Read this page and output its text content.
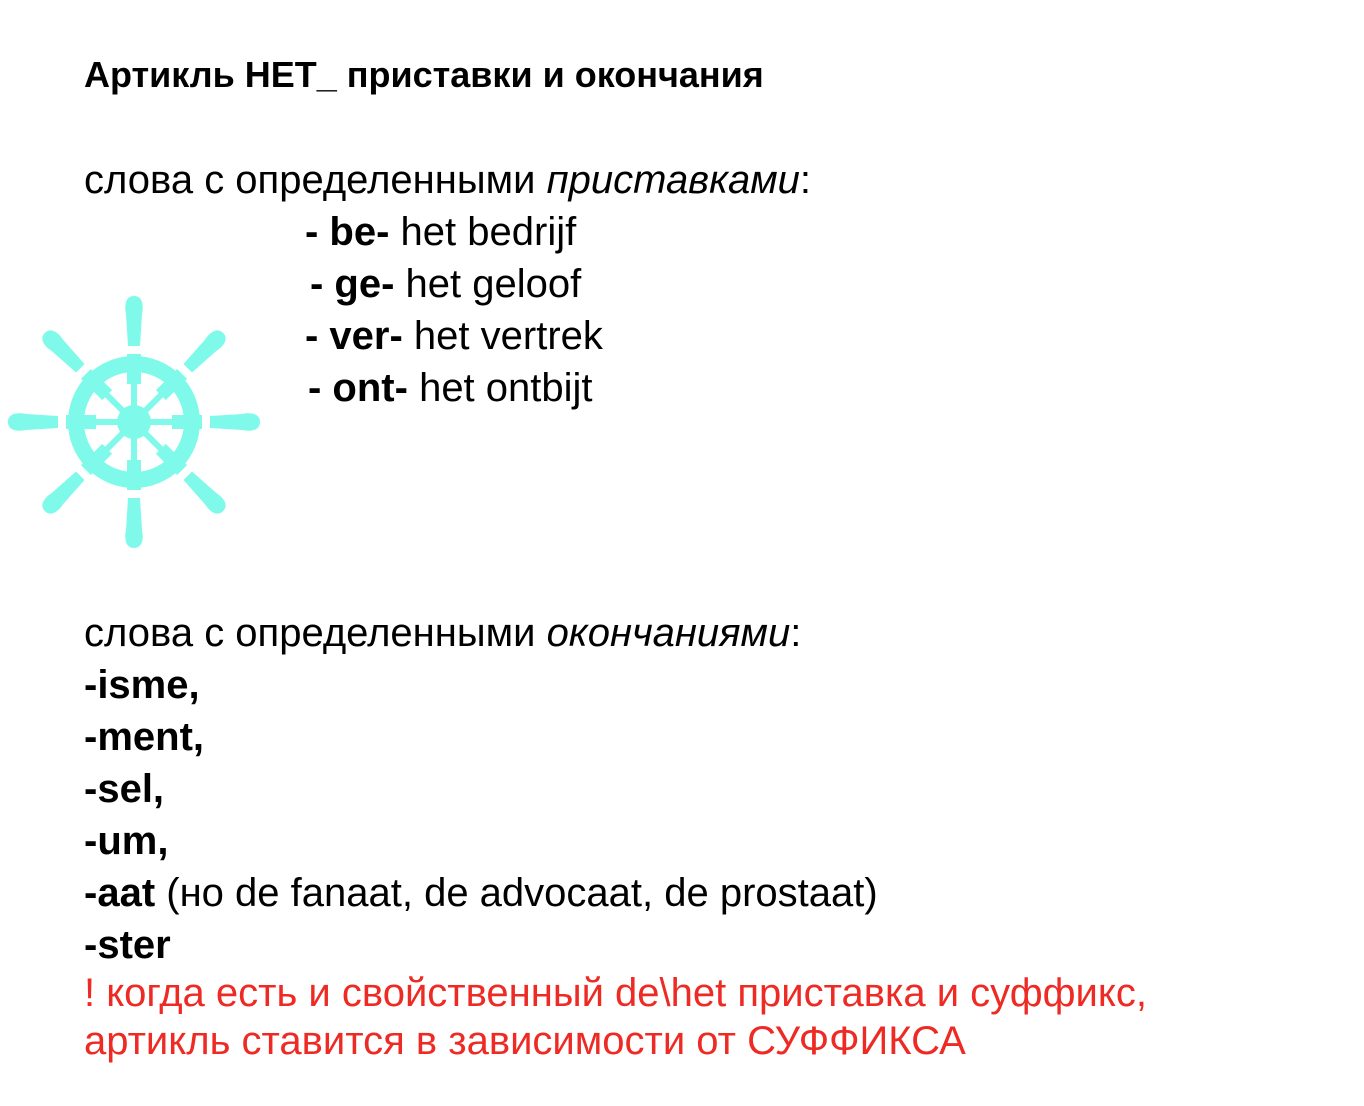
Артикль HET_ приставки и окончания
слова с определенными приставками:
- be- het bedrijf
- ge- het geloof
- ver- het vertrek
- ont- het ontbijt
слова с определенными окончаниями:
-isme,
-ment,
-sel,
-um,
-aat (но de fanaat, de advocaat, de prostaat)
-ster
! когда есть и свойственный de\het приставка и суффикс,
артикль ставится в зависимости от СУФФИКСА
